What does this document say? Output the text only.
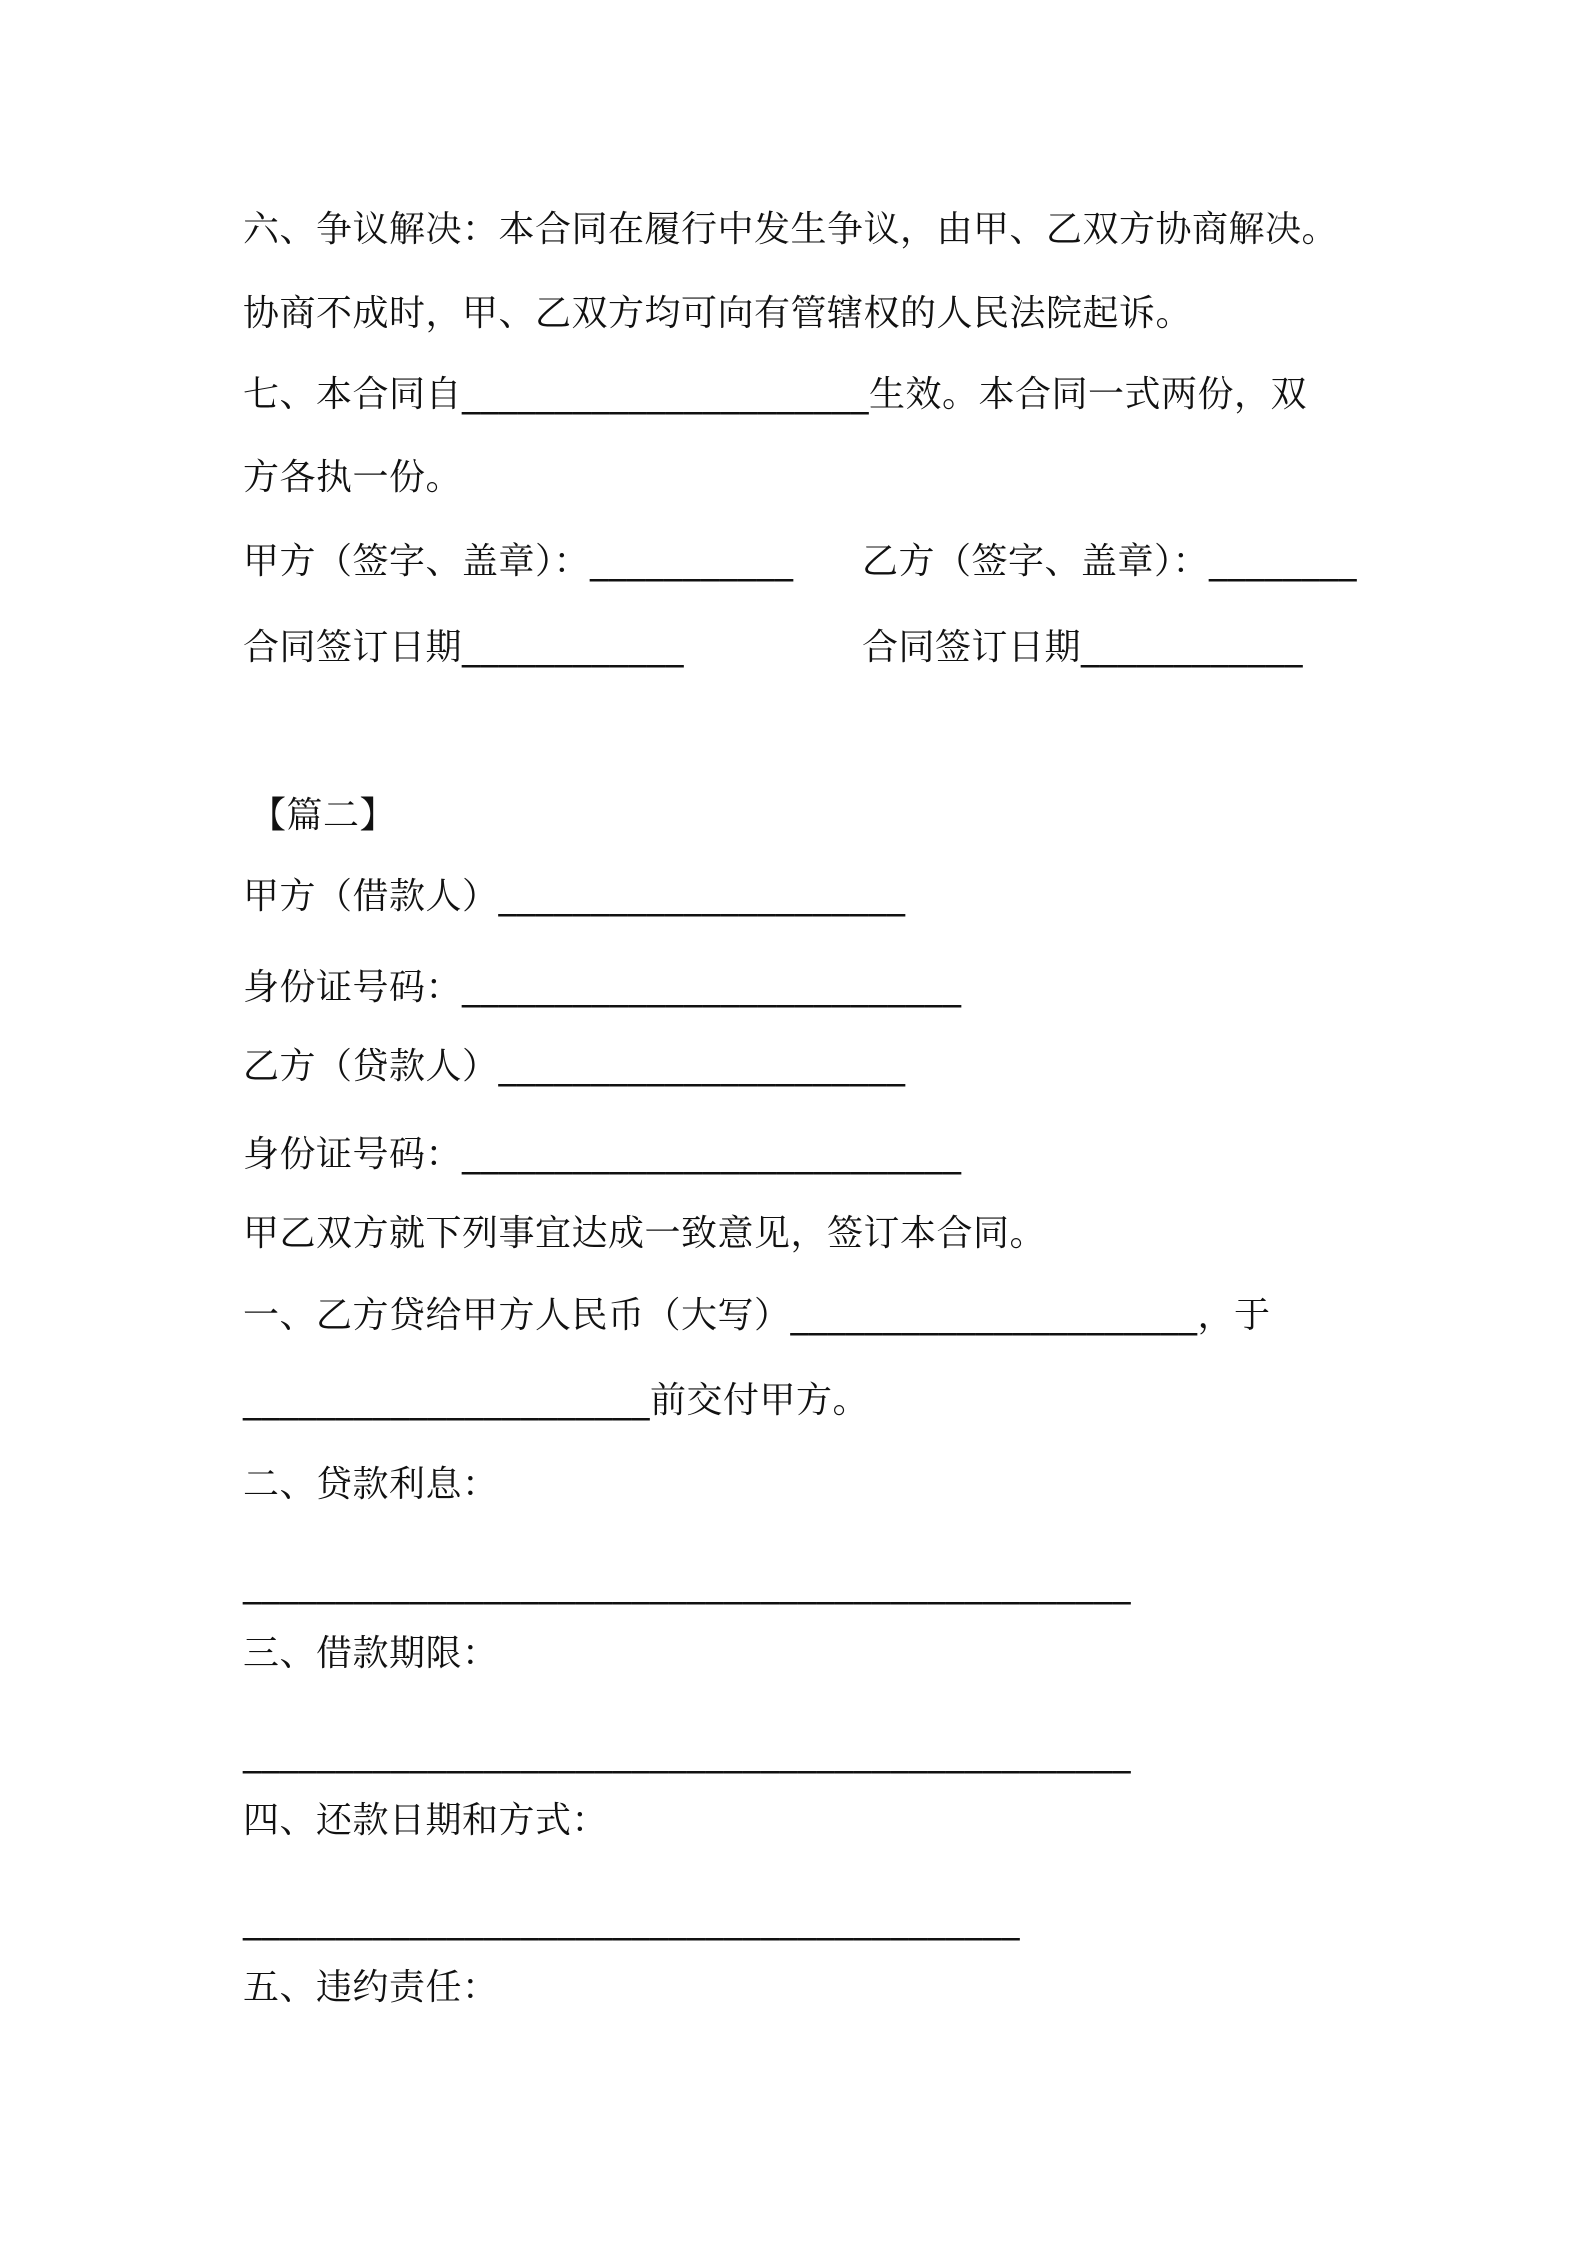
六、争议解决：本合同在履行中发生争议，由甲、乙双方协商解决。
协商不成时，甲、乙双方均可向有管辖权的人民法院起诉。
七、本合同自______________________生效。本合同一式两份，双
方各执一份。
甲方（签字、盖章）：___________ 乙方（签字、盖章）：________
合同签订日期____________	合同签订日期____________
【篇二】
甲方（借款人）______________________
身份证号码：___________________________
乙方（贷款人）______________________
身份证号码：___________________________
甲乙双方就下列事宜达成一致意见，签订本合同。
一、乙方贷给甲方人民币（大写）______________________，于
______________________前交付甲方。
二、贷款利息：
________________________________________________
三、借款期限：
________________________________________________
四、还款日期和方式：
__________________________________________
五、违约责任：
